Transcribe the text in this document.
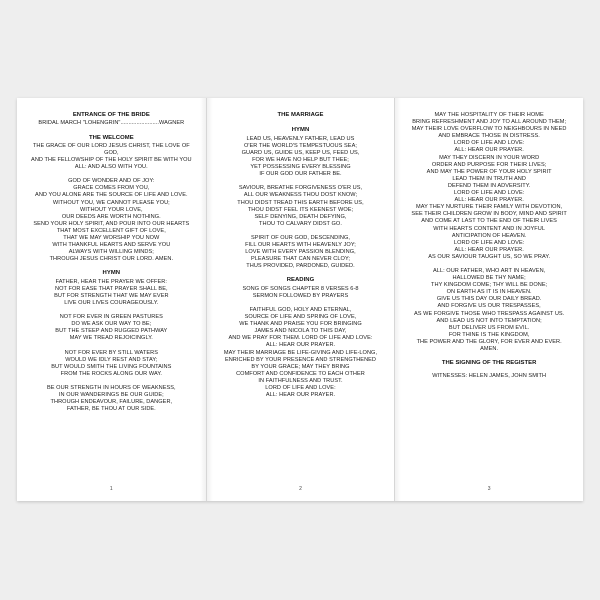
ENTRANCE OF THE BRIDE
BRIDAL MARCH "LOHENGRIN"........................WAGNER
THE WELCOME
THE GRACE OF OUR LORD JESUS CHRIST, THE LOVE OF GOD,
AND THE FELLOWSHIP OF THE HOLY SPIRIT BE WITH YOU
ALL: AND ALSO WITH YOU.
GOD OF WONDER AND OF JOY:
GRACE COMES FROM YOU,
AND YOU ALONE ARE THE SOURCE OF LIFE AND LOVE.
WITHOUT YOU, WE CANNOT PLEASE YOU;
WITHOUT YOUR LOVE,
OUR DEEDS ARE WORTH NOTHING.
SEND YOUR HOLY SPIRIT, AND POUR INTO OUR HEARTS
THAT MOST EXCELLENT GIFT OF LOVE,
THAT WE MAY WORSHIP YOU NOW
WITH THANKFUL HEARTS AND SERVE YOU
ALWAYS WITH WILLING MINDS;
THROUGH JESUS CHRIST OUR LORD. AMEN.
HYMN
FATHER, HEAR THE PRAYER WE OFFER:
NOT FOR EASE THAT PRAYER SHALL BE,
BUT FOR STRENGTH THAT WE MAY EVER
LIVE OUR LIVES COURAGEOUSLY.
NOT FOR EVER IN GREEN PASTURES
DO WE ASK OUR WAY TO BE;
BUT THE STEEP AND RUGGED PATHWAY
MAY WE TREAD REJOICINGLY.
NOT FOR EVER BY STILL WATERS
WOULD WE IDLY REST AND STAY;
BUT WOULD SMITH THE LIVING FOUNTAINS
FROM THE ROCKS ALONG OUR WAY.
BE OUR STRENGTH IN HOURS OF WEAKNESS,
IN OUR WANDERINGS BE OUR GUIDE;
THROUGH ENDEAVOUR, FAILURE, DANGER,
FATHER, BE THOU AT OUR SIDE.
1
THE MARRIAGE
HYMN
LEAD US, HEAVENLY FATHER, LEAD US
O'ER THE WORLD'S TEMPESTUOUS SEA;
GUARD US, GUIDE US, KEEP US, FEED US,
FOR WE HAVE NO HELP BUT THEE;
YET POSSESSING EVERY BLESSING
IF OUR GOD OUR FATHER BE.
SAVIOUR, BREATHE FORGIVENESS O'ER US,
ALL OUR WEAKNESS THOU DOST KNOW;
THOU DIDST TREAD THIS EARTH BEFORE US,
THOU DIDST FEEL ITS KEENEST WOE;
SELF DENYING, DEATH DEFYING,
THOU TO CALVARY DIDST GO.
SPIRIT OF OUR GOD, DESCENDING,
FILL OUR HEARTS WITH HEAVENLY JOY;
LOVE WITH EVERY PASSION BLENDING,
PLEASURE THAT CAN NEVER CLOY;
THUS PROVIDED, PARDONED, GUIDED.
READING
SONG OF SONGS CHAPTER 8 VERSES 6-8
SERMON FOLLOWED BY PRAYERS
FAITHFUL GOD, HOLY AND ETERNAL,
SOURCE OF LIFE AND SPRING OF LOVE,
WE THANK AND PRAISE YOU FOR BRINGING
JAMES AND NICOLA TO THIS DAY,
AND WE PRAY FOR THEM. LORD OF LIFE AND LOVE:
ALL: HEAR OUR PRAYER.
MAY THEIR MARRIAGE BE LIFE-GIVING AND LIFE-LONG,
ENRICHED BY YOUR PRESENCE AND STRENGTHENED
BY YOUR GRACE; MAY THEY BRING
COMFORT AND CONFIDENCE TO EACH OTHER
IN FAITHFULNESS AND TRUST.
LORD OF LIFE AND LOVE:
ALL: HEAR OUR PRAYER.
2
MAY THE HOSPITALITY OF THEIR HOME
BRING REFRESHMENT AND JOY TO ALL AROUND THEM;
MAY THEIR LOVE OVERFLOW TO NEIGHBOURS IN NEED
AND EMBRACE THOSE IN DISTRESS.
LORD OF LIFE AND LOVE:
ALL: HEAR OUR PRAYER.
MAY THEY DISCERN IN YOUR WORD
ORDER AND PURPOSE FOR THEIR LIVES;
AND MAY THE POWER OF YOUR HOLY SPIRIT
LEAD THEM IN TRUTH AND
DEFEND THEM IN ADVERSITY.
LORD OF LIFE AND LOVE:
ALL: HEAR OUR PRAYER.
MAY THEY NURTURE THEIR FAMILY WITH DEVOTION,
SEE THEIR CHILDREN GROW IN BODY, MIND AND SPIRIT
AND COME AT LAST TO THE END OF THEIR LIVES
WITH HEARTS CONTENT AND IN JOYFUL
ANTICIPATION OF HEAVEN.
LORD OF LIFE AND LOVE:
ALL: HEAR OUR PRAYER.
AS OUR SAVIOUR TAUGHT US, SO WE PRAY.
ALL: OUR FATHER, WHO ART IN HEAVEN,
HALLOWED BE THY NAME;
THY KINGDOM COME; THY WILL BE DONE;
ON EARTH AS IT IS IN HEAVEN.
GIVE US THIS DAY OUR DAILY BREAD.
AND FORGIVE US OUR TRESPASSES,
AS WE FORGIVE THOSE WHO TRESPASS AGAINST US.
AND LEAD US NOT INTO TEMPTATION;
BUT DELIVER US FROM EVIL.
FOR THINE IS THE KINGDOM,
THE POWER AND THE GLORY, FOR EVER AND EVER.
AMEN.
THE SIGNING OF THE REGISTER
WITNESSES: HELEN JAMES, JOHN SMITH
3
